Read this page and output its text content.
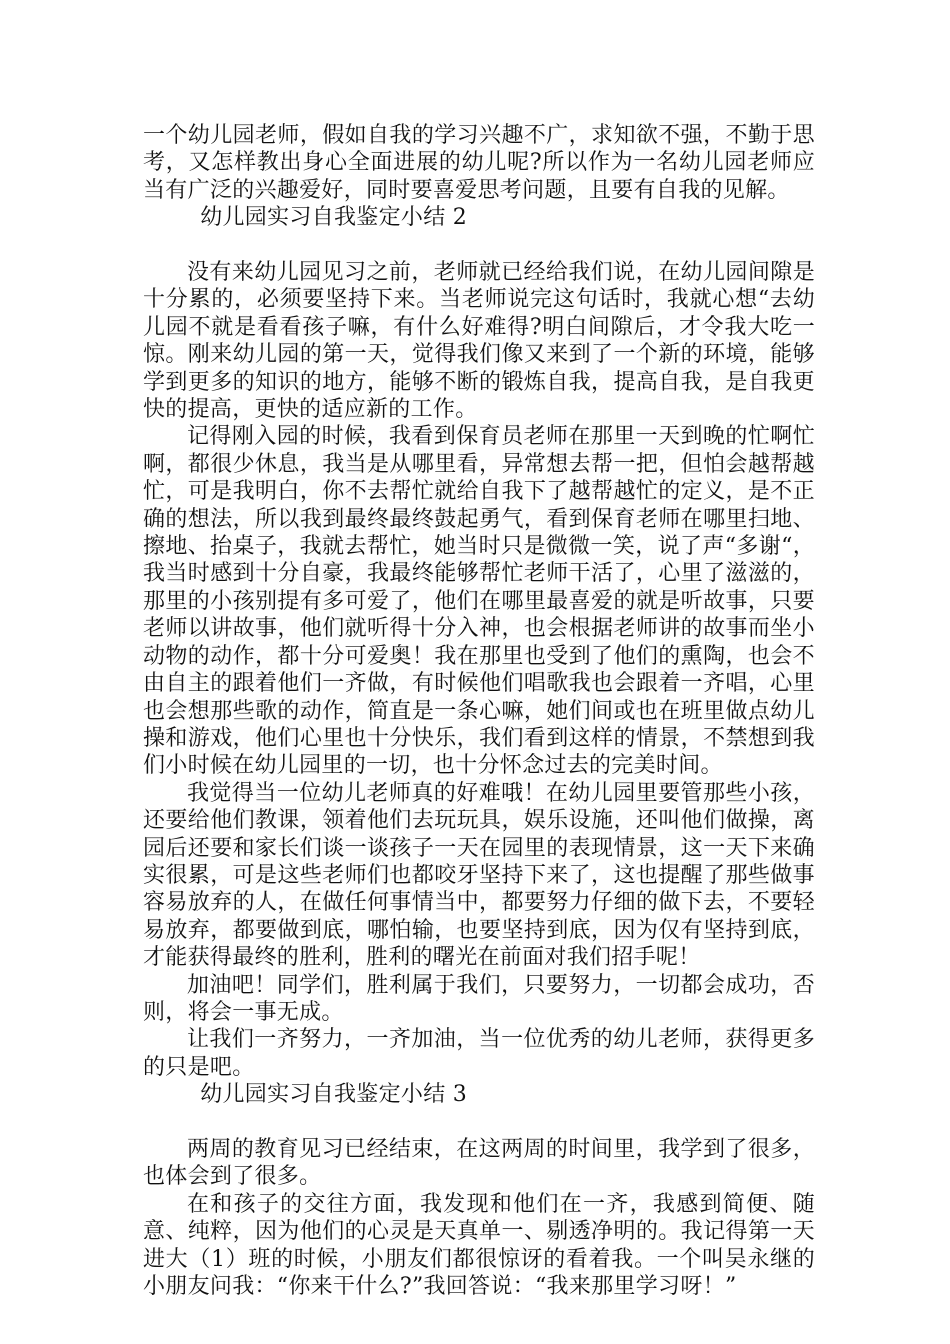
一个幼儿园老师，假如自我的学习兴趣不广，求知欲不强，不勤于思考，又怎样教出身心全面进展的幼儿呢?所以作为一名幼儿园老师应当有广泛的兴趣爱好，同时要喜爱思考问题，且要有自我的见解。

幼儿园实习自我鉴定小结 2

没有来幼儿园见习之前，老师就已经给我们说，在幼儿园间隙是十分累的，必须要坚持下来。当老师说完这句话时，我就心想“去幼儿园不就是看看孩子嘛，有什么好难得?明白间隙后，才令我大吃一惊。刚来幼儿园的第一天，觉得我们像又来到了一个新的环境，能够学到更多的知识的地方，能够不断的锻炼自我，提高自我，是自我更快的提高，更快的适应新的工作。

记得刚入园的时候，我看到保育员老师在那里一天到晚的忙啊忙啊，都很少休息，我当是从哪里看，异常想去帮一把，但怕会越帮越忙，可是我明白，你不去帮忙就给自我下了越帮越忙的定义，是不正确的想法，所以我到最终最终鼓起勇气，看到保育老师在哪里扫地、擦地、抬桌子，我就去帮忙，她当时只是微微一笑，说了声“多谢“，我当时感到十分自豪，我最终能够帮忙老师干活了，心里了滋滋的，那里的小孩别提有多可爱了，他们在哪里最喜爱的就是听故事，只要老师以讲故事，他们就听得十分入神，也会根据老师讲的故事而坐小动物的动作，都十分可爱奥！我在那里也受到了他们的熏陶，也会不由自主的跟着他们一齐做，有时候他们唱歌我也会跟着一齐唱，心里也会想那些歌的动作，简直是一条心嘛，她们间或也在班里做点幼儿操和游戏，他们心里也十分快乐，我们看到这样的情景，不禁想到我们小时候在幼儿园里的一切，也十分怀念过去的完美时间。

我觉得当一位幼儿老师真的好难哦！在幼儿园里要管那些小孩，还要给他们教课，领着他们去玩玩具，娱乐设施，还叫他们做操，离园后还要和家长们谈一谈孩子一天在园里的表现情景，这一天下来确实很累，可是这些老师们也都咬牙坚持下来了，这也提醒了那些做事容易放弃的人，在做任何事情当中，都要努力仔细的做下去，不要轻易放弃，都要做到底，哪怕输，也要坚持到底，因为仅有坚持到底，才能获得最终的胜利，胜利的曙光在前面对我们招手呢！

加油吧！同学们，胜利属于我们，只要努力，一切都会成功，否则，将会一事无成。

让我们一齐努力，一齐加油，当一位优秀的幼儿老师，获得更多的只是吧。

幼儿园实习自我鉴定小结 3

两周的教育见习已经结束，在这两周的时间里，我学到了很多，也体会到了很多。

在和孩子的交往方面，我发现和他们在一齐，我感到简便、随意、纯粹，因为他们的心灵是天真单一、剔透净明的。我记得第一天进大（1）班的时候，小朋友们都很惊讶的看着我。一个叫吴永继的小朋友问我：“你来干什么?”我回答说：“我来那里学习呀！”
